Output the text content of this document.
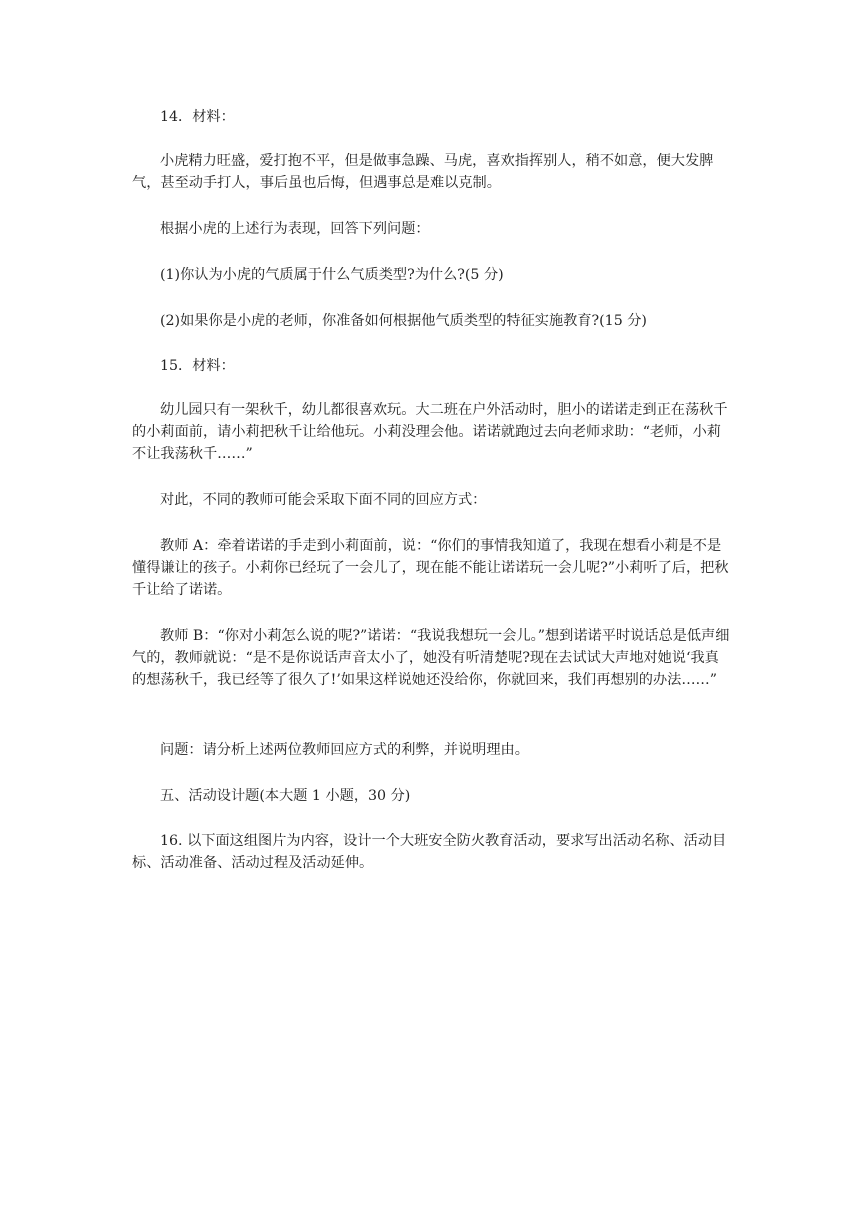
14．材料：

小虎精力旺盛，爱打抱不平，但是做事急躁、马虎，喜欢指挥别人，稍不如意，便大发脾气，甚至动手打人，事后虽也后悔，但遇事总是难以克制。

根据小虎的上述行为表现，回答下列问题：

(1)你认为小虎的气质属于什么气质类型?为什么?(5 分)

(2)如果你是小虎的老师，你准备如何根据他气质类型的特征实施教育?(15 分)

15．材料：

幼儿园只有一架秋千，幼儿都很喜欢玩。大二班在户外活动时，胆小的诺诺走到正在荡秋千的小莉面前，请小莉把秋千让给他玩。小莉没理会他。诺诺就跑过去向老师求助：“老师，小莉不让我荡秋千……”

对此，不同的教师可能会采取下面不同的回应方式：

教师 A：牵着诺诺的手走到小莉面前，说：“你们的事情我知道了，我现在想看小莉是不是懂得谦让的孩子。小莉你已经玩了一会儿了，现在能不能让诺诺玩一会儿呢?”小莉听了后，把秋千让给了诺诺。

教师 B：“你对小莉怎么说的呢?”诺诺：“我说我想玩一会儿。”想到诺诺平时说话总是低声细气的，教师就说：“是不是你说话声音太小了，她没有听清楚呢?现在去试试大声地对她说‘我真的想荡秋千，我已经等了很久了!’如果这样说她还没给你，你就回来，我们再想别的办法……”

问题：请分析上述两位教师回应方式的利弊，并说明理由。

五、活动设计题(本大题 1 小题，30 分)

16. 以下面这组图片为内容，设计一个大班安全防火教育活动，要求写出活动名称、活动目标、活动准备、活动过程及活动延伸。
